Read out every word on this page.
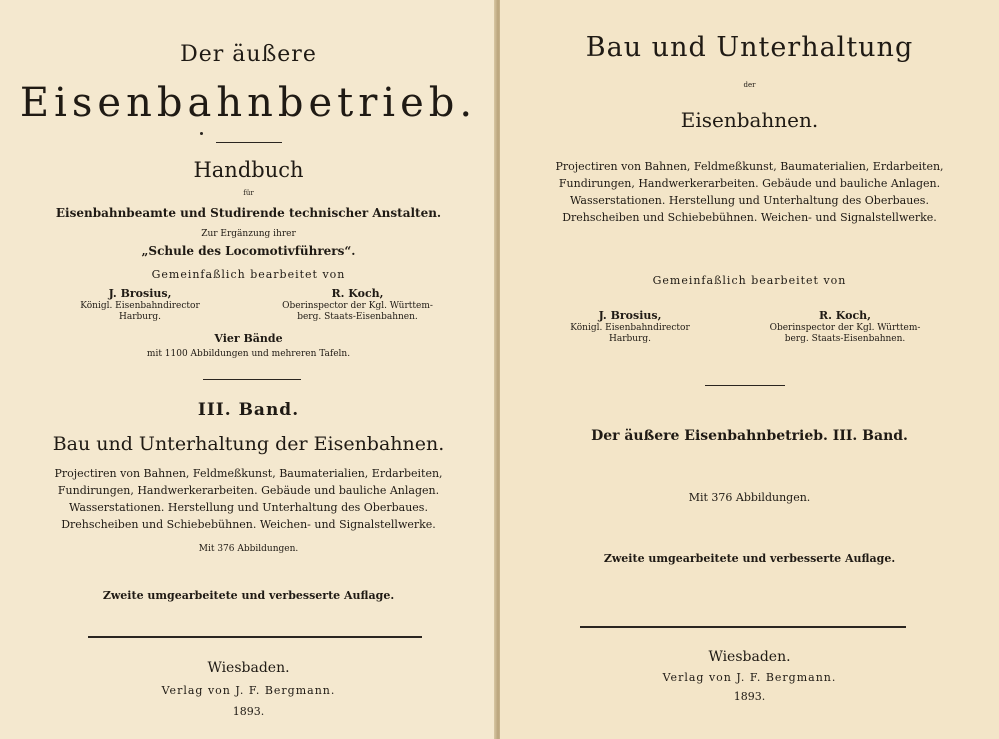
Der äußere
Eisenbahnbetrieb.
Handbuch
für
Eisenbahnbeamte und Studirende technischer Anstalten.
Zur Ergänzung ihrer
„Schule des Locomotivführers“.
Gemeinfaßlich bearbeitet von
J. Brosius,
Königl. Eisenbahndirector
Harburg.
R. Koch,
Oberinspector der Kgl. Württem-
berg. Staats-Eisenbahnen.
Vier Bände
mit 1100 Abbildungen und mehreren Tafeln.
III. Band.
Bau und Unterhaltung der Eisenbahnen.
Projectiren von Bahnen, Feldmeßkunst, Baumaterialien, Erdarbeiten,
Fundirungen, Handwerkerarbeiten. Gebäude und bauliche Anlagen.
Wasserstationen. Herstellung und Unterhaltung des Oberbaues.
Drehscheiben und Schiebebühnen. Weichen- und Signalstellwerke.
Mit 376 Abbildungen.
Zweite umgearbeitete und verbesserte Auflage.
Wiesbaden.
Verlag von J. F. Bergmann.
1893.
Bau und Unterhaltung
der
Eisenbahnen.
Projectiren von Bahnen, Feldmeßkunst, Baumaterialien, Erdarbeiten,
Fundirungen, Handwerkerarbeiten. Gebäude und bauliche Anlagen.
Wasserstationen. Herstellung und Unterhaltung des Oberbaues.
Drehscheiben und Schiebebühnen. Weichen- und Signalstellwerke.
Gemeinfaßlich bearbeitet von
J. Brosius,
Königl. Eisenbahndirector
Harburg.
R. Koch,
Oberinspector der Kgl. Württem-
berg. Staats-Eisenbahnen.
Der äußere Eisenbahnbetrieb. III. Band.
Mit 376 Abbildungen.
Zweite umgearbeitete und verbesserte Auflage.
Wiesbaden.
Verlag von J. F. Bergmann.
1893.
